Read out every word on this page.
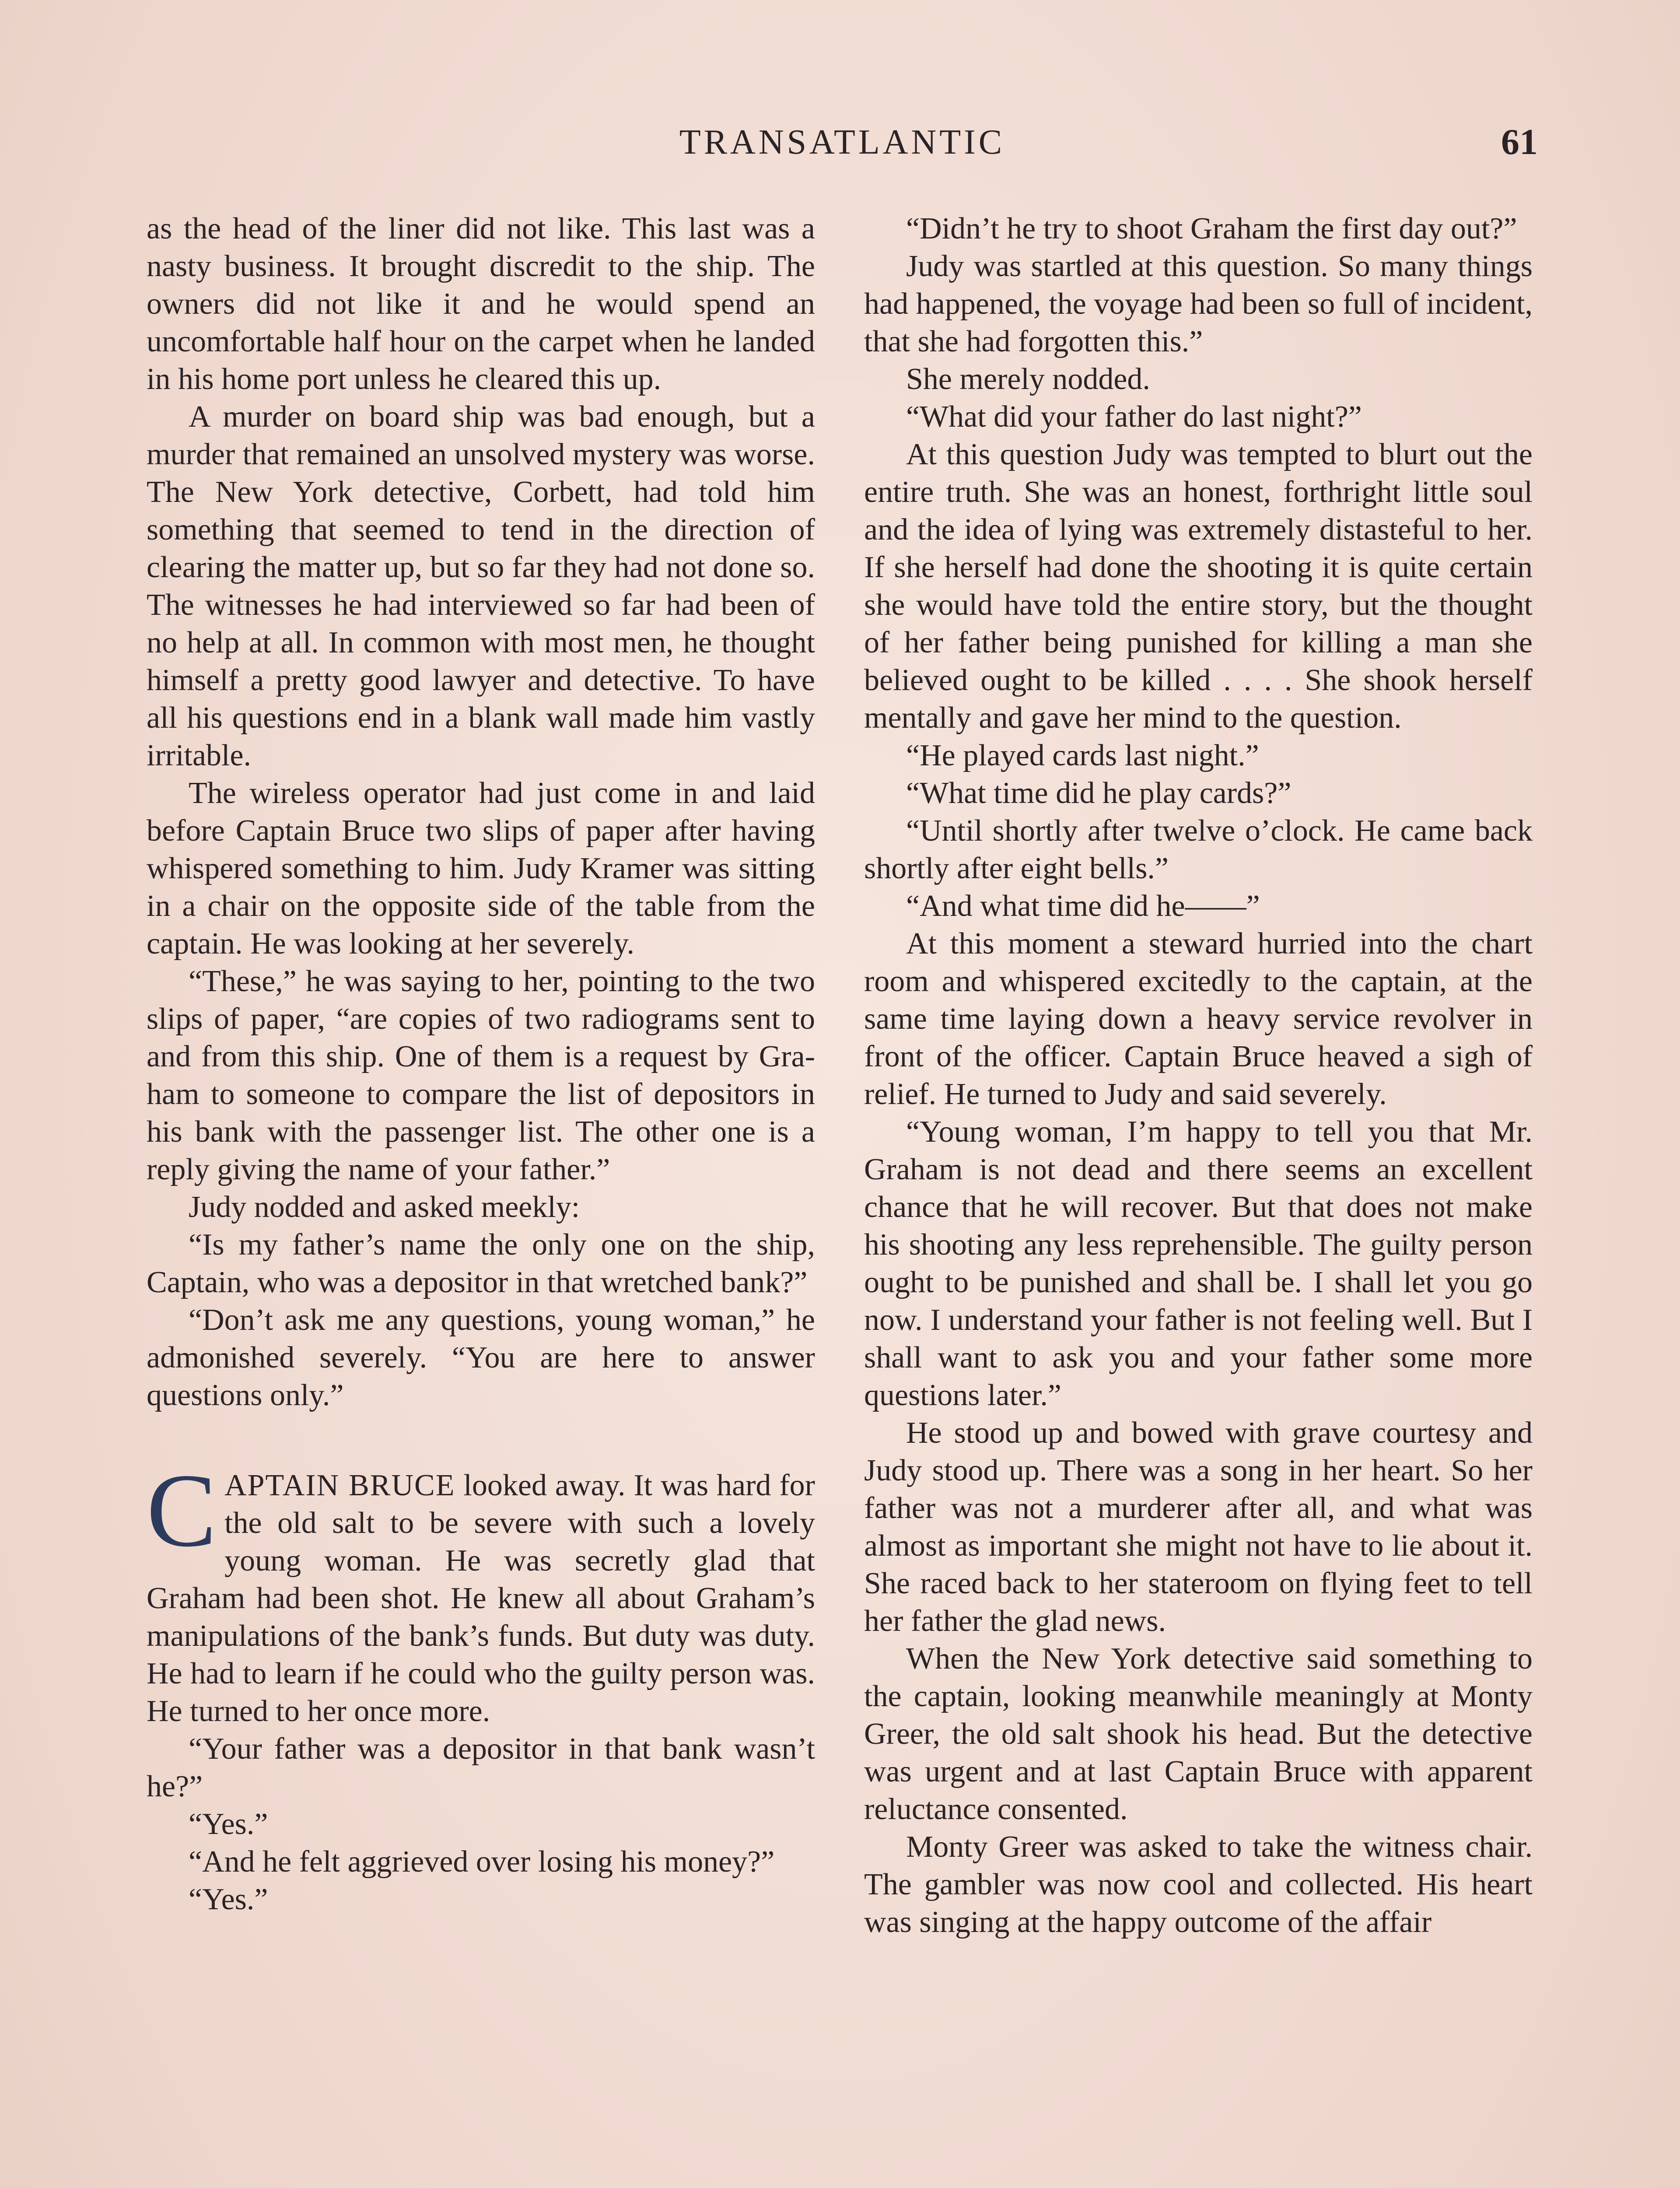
TRANSATLANTIC	61

as the head of the liner did not like. This last was a nasty business. It brought discredit to the ship. The owners did not like it and he would spend an uncomfortable half hour on the carpet when he landed in his home port unless he cleared this up.

A murder on board ship was bad enough, but a murder that remained an unsolved mystery was worse. The New York detective, Corbett, had told him something that seemed to tend in the direction of clearing the matter up, but so far they had not done so. The witnesses he had interviewed so far had been of no help at all. In common with most men, he thought himself a pretty good lawyer and detective. To have all his questions end in a blank wall made him vastly irritable.

The wireless operator had just come in and laid before Captain Bruce two slips of paper after having whispered something to him. Judy Kramer was sitting in a chair on the opposite side of the table from the captain. He was looking at her severely.

“These,” he was saying to her, pointing to the two slips of paper, “are copies of two radiograms sent to and from this ship. One of them is a request by Graham to someone to compare the list of depositors in his bank with the passenger list. The other one is a reply giving the name of your father.”

Judy nodded and asked meekly:

“Is my father’s name the only one on the ship, Captain, who was a depositor in that wretched bank?”

“Don’t ask me any questions, young woman,” he admonished severely. “You are here to answer questions only.”

CAPTAIN BRUCE looked away. It was hard for the old salt to be severe with such a lovely young woman. He was secretly glad that Graham had been shot. He knew all about Graham’s manipulations of the bank’s funds. But duty was duty. He had to learn if he could who the guilty person was. He turned to her once more.

“Your father was a depositor in that bank wasn’t he?”

“Yes.”

“And he felt aggrieved over losing his money?”

“Yes.”

“Didn’t he try to shoot Graham the first day out?”

Judy was startled at this question. So many things had happened, the voyage had been so full of incident, that she had forgotten this.”

She merely nodded.

“What did your father do last night?”

At this question Judy was tempted to blurt out the entire truth. She was an honest, forthright little soul and the idea of lying was extremely distasteful to her. If she herself had done the shooting it is quite certain she would have told the entire story, but the thought of her father being punished for killing a man she believed ought to be killed . . . . She shook herself mentally and gave her mind to the question.

“He played cards last night.”

“What time did he play cards?”

“Until shortly after twelve o’clock. He came back shortly after eight bells.”

“And what time did he——”

At this moment a steward hurried into the chart room and whispered excitedly to the captain, at the same time laying down a heavy service revolver in front of the officer. Captain Bruce heaved a sigh of relief. He turned to Judy and said severely.

“Young woman, I’m happy to tell you that Mr. Graham is not dead and there seems an excellent chance that he will recover. But that does not make his shooting any less reprehensible. The guilty person ought to be punished and shall be. I shall let you go now. I understand your father is not feeling well. But I shall want to ask you and your father some more questions later.”

He stood up and bowed with grave courtesy and Judy stood up. There was a song in her heart. So her father was not a murderer after all, and what was almost as important she might not have to lie about it. She raced back to her stateroom on flying feet to tell her father the glad news.

When the New York detective said something to the captain, looking meanwhile meaningly at Monty Greer, the old salt shook his head. But the detective was urgent and at last Captain Bruce with apparent reluctance consented.

Monty Greer was asked to take the witness chair. The gambler was now cool and collected. His heart was singing at the happy outcome of the affair
